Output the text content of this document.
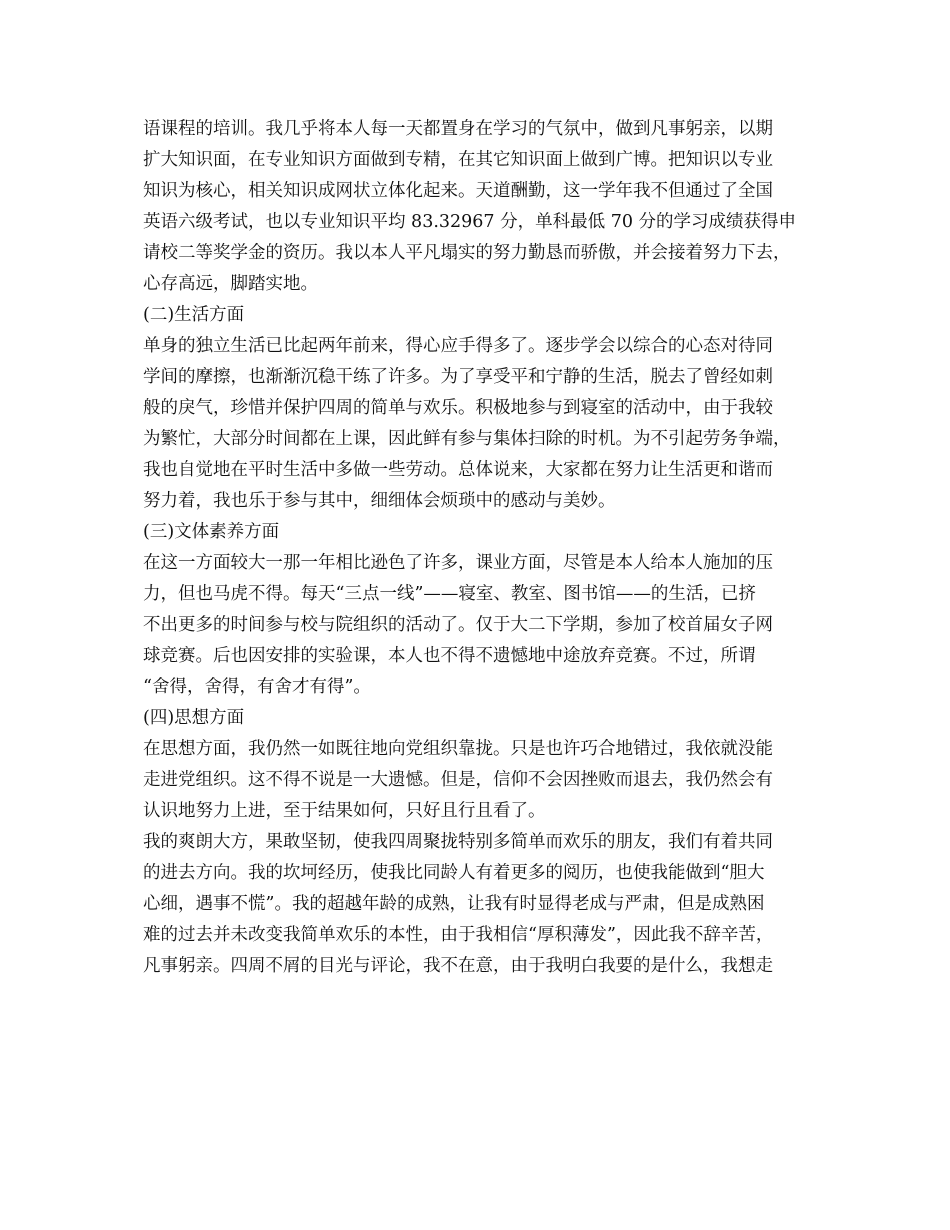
语课程的培训。我几乎将本人每一天都置身在学习的气氛中，做到凡事躬亲，以期
扩大知识面，在专业知识方面做到专精，在其它知识面上做到广博。把知识以专业
知识为核心，相关知识成网状立体化起来。天道酬勤，这一学年我不但通过了全国
英语六级考试，也以专业知识平均 83.32967 分，单科最低 70 分的学习成绩获得申
请校二等奖学金的资历。我以本人平凡塌实的努力勤恳而骄傲，并会接着努力下去，
心存高远，脚踏实地。
(二)生活方面
单身的独立生活已比起两年前来，得心应手得多了。逐步学会以综合的心态对待同
学间的摩擦，也渐渐沉稳干练了许多。为了享受平和宁静的生活，脱去了曾经如刺
般的戾气，珍惜并保护四周的简单与欢乐。积极地参与到寝室的活动中，由于我较
为繁忙，大部分时间都在上课，因此鲜有参与集体扫除的时机。为不引起劳务争端，
我也自觉地在平时生活中多做一些劳动。总体说来，大家都在努力让生活更和谐而
努力着，我也乐于参与其中，细细体会烦琐中的感动与美妙。
(三)文体素养方面
在这一方面较大一那一年相比逊色了许多，课业方面，尽管是本人给本人施加的压
力，但也马虎不得。每天“三点一线”——寝室、教室、图书馆——的生活，已挤
不出更多的时间参与校与院组织的活动了。仅于大二下学期，参加了校首届女子网
球竞赛。后也因安排的实验课，本人也不得不遗憾地中途放弃竞赛。不过，所谓
“舍得，舍得，有舍才有得”。
(四)思想方面
在思想方面，我仍然一如既往地向党组织靠拢。只是也许巧合地错过，我依就没能
走进党组织。这不得不说是一大遗憾。但是，信仰不会因挫败而退去，我仍然会有
认识地努力上进，至于结果如何，只好且行且看了。
我的爽朗大方，果敢坚韧，使我四周聚拢特别多简单而欢乐的朋友，我们有着共同
的进去方向。我的坎坷经历，使我比同龄人有着更多的阅历，也使我能做到“胆大
心细，遇事不慌”。我的超越年龄的成熟，让我有时显得老成与严肃，但是成熟困
难的过去并未改变我简单欢乐的本性，由于我相信“厚积薄发”，因此我不辞辛苦，
凡事躬亲。四周不屑的目光与评论，我不在意，由于我明白我要的是什么，我想走
